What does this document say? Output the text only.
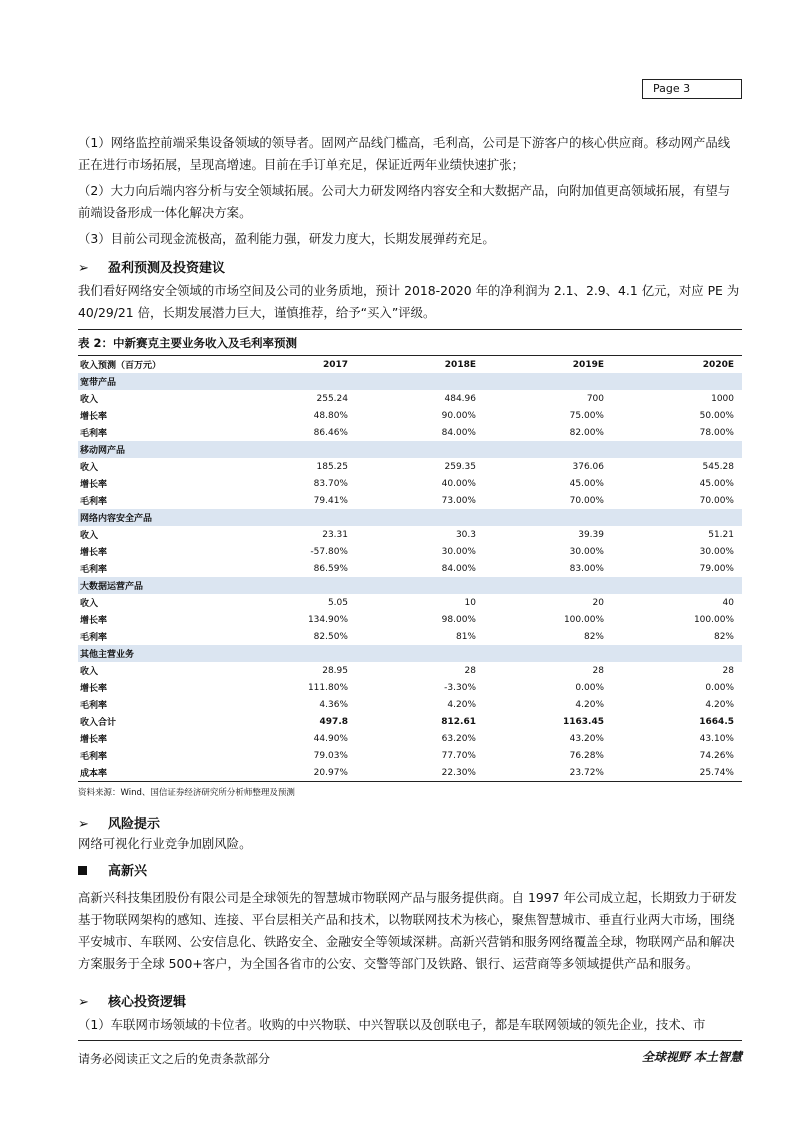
Page 3

（1）网络监控前端采集设备领域的领导者。固网产品线门槛高，毛利高，公司是下游客户的核心供应商。移动网产品线正在进行市场拓展，呈现高增速。目前在手订单充足，保证近两年业绩快速扩张；

（2）大力向后端内容分析与安全领域拓展。公司大力研发网络内容安全和大数据产品，向附加值更高领域拓展，有望与前端设备形成一体化解决方案。

（3）目前公司现金流极高，盈利能力强，研发力度大，长期发展弹药充足。

➢ 盈利预测及投资建议

我们看好网络安全领域的市场空间及公司的业务质地，预计 2018-2020 年的净利润为 2.1、2.9、4.1 亿元，对应 PE 为 40/29/21 倍，长期发展潜力巨大，谨慎推荐，给予“买入”评级。

表 2：中新赛克主要业务收入及毛利率预测
收入预测（百万元）	2017	2018E	2019E	2020E
宽带产品				
收入	255.24	484.96	700	1000
增长率	48.80%	90.00%	75.00%	50.00%
毛利率	86.46%	84.00%	82.00%	78.00%
移动网产品				
收入	185.25	259.35	376.06	545.28
增长率	83.70%	40.00%	45.00%	45.00%
毛利率	79.41%	73.00%	70.00%	70.00%
网络内容安全产品				
收入	23.31	30.3	39.39	51.21
增长率	-57.80%	30.00%	30.00%	30.00%
毛利率	86.59%	84.00%	83.00%	79.00%
大数据运营产品				
收入	5.05	10	20	40
增长率	134.90%	98.00%	100.00%	100.00%
毛利率	82.50%	81%	82%	82%
其他主营业务				
收入	28.95	28	28	28
增长率	111.80%	-3.30%	0.00%	0.00%
毛利率	4.36%	4.20%	4.20%	4.20%
收入合计	497.8	812.61	1163.45	1664.5
增长率	44.90%	63.20%	43.20%	43.10%
毛利率	79.03%	77.70%	76.28%	74.26%
成本率	20.97%	22.30%	23.72%	25.74%
资料来源：Wind、国信证券经济研究所分析师整理及预测
➢ 风险提示

网络可视化行业竞争加剧风险。

高新兴

高新兴科技集团股份有限公司是全球领先的智慧城市物联网产品与服务提供商。自 1997 年公司成立起，长期致力于研发基于物联网架构的感知、连接、平台层相关产品和技术，以物联网技术为核心，聚焦智慧城市、垂直行业两大市场，围绕平安城市、车联网、公安信息化、铁路安全、金融安全等领域深耕。高新兴营销和服务网络覆盖全球，物联网产品和解决方案服务于全球 500+客户，为全国各省市的公安、交警等部门及铁路、银行、运营商等多领域提供产品和服务。

➢ 核心投资逻辑

（1）车联网市场领域的卡位者。收购的中兴物联、中兴智联以及创联电子，都是车联网领域的领先企业，技术、市

请务必阅读正文之后的免责条款部分	全球视野 本土智慧
